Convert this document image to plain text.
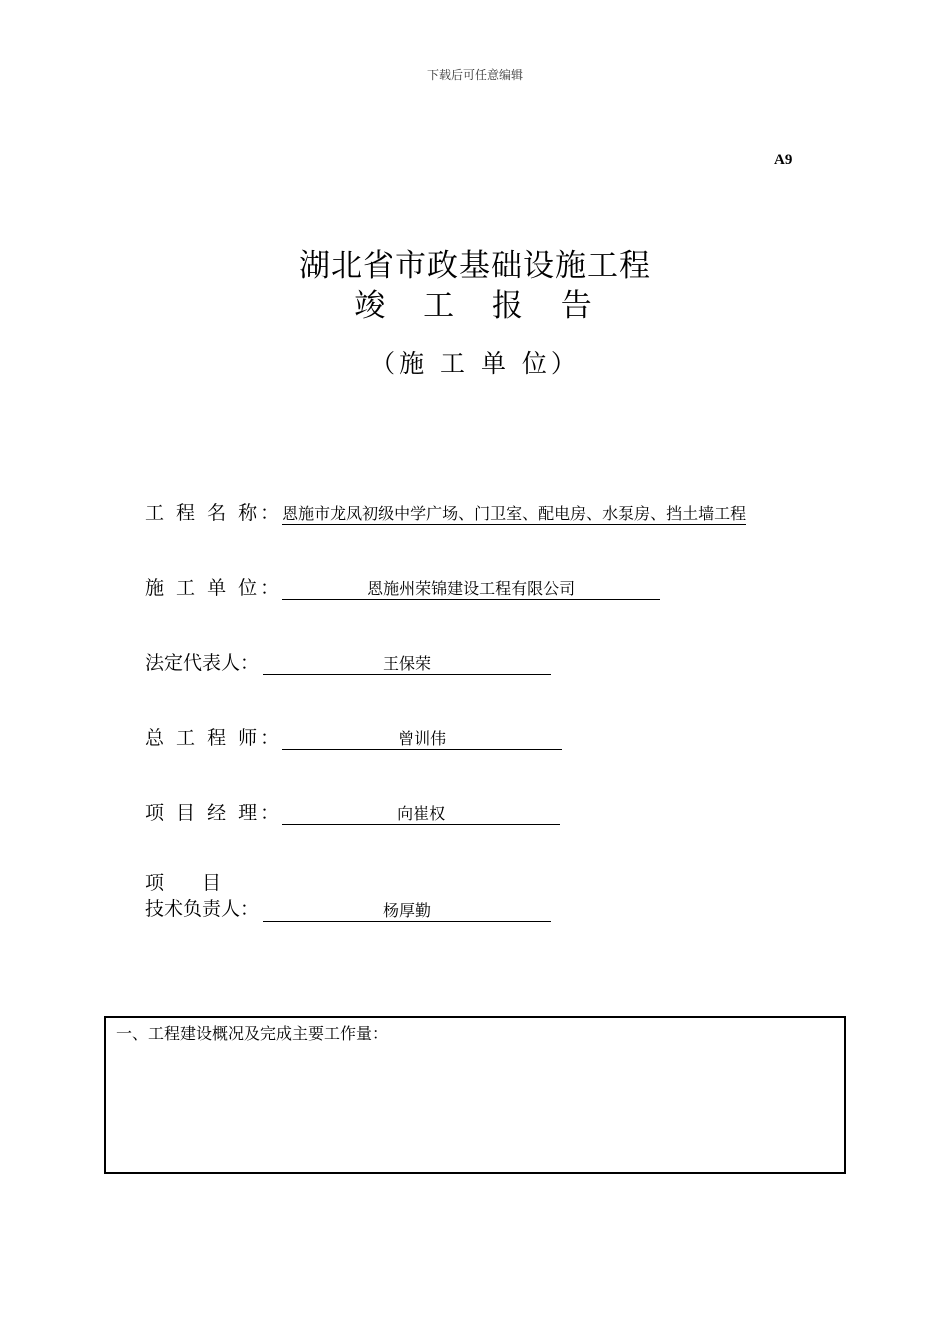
下载后可任意编辑
A9
湖北省市政基础设施工程
竣 工 报 告
（施 工 单 位）
工 程 名 称： 恩施市龙凤初级中学广场、门卫室、配电房、水泵房、挡土墙工程
施 工 单 位：	恩施州荣锦建设工程有限公司
法定代表人：	王保荣
总 工 程 师：	曾训伟
项 目 经 理：	向崔权
项　　目
技术负责人：	杨厚勤
一、工程建设概况及完成主要工作量：
